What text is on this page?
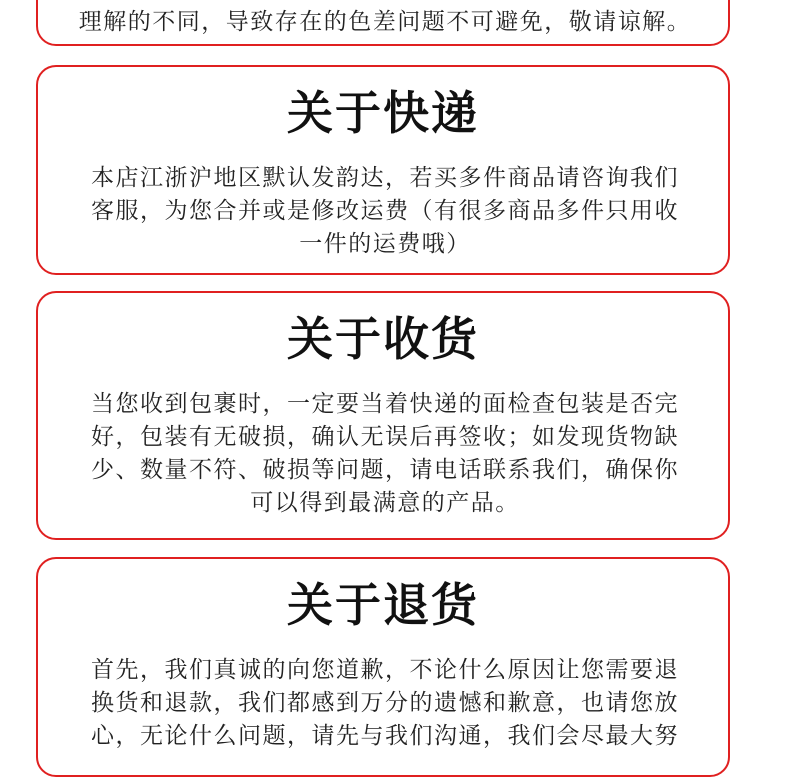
理解的不同，导致存在的色差问题不可避免，敬请谅解。
关于快递
本店江浙沪地区默认发韵达，若买多件商品请咨询我们
客服，为您合并或是修改运费（有很多商品多件只用收
一件的运费哦）
关于收货
当您收到包裹时，一定要当着快递的面检查包装是否完
好，包装有无破损，确认无误后再签收；如发现货物缺
少、数量不符、破损等问题，请电话联系我们，确保你
可以得到最满意的产品。
关于退货
首先，我们真诚的向您道歉，不论什么原因让您需要退
换货和退款，我们都感到万分的遗憾和歉意，也请您放
心，无论什么问题，请先与我们沟通，我们会尽最大努
